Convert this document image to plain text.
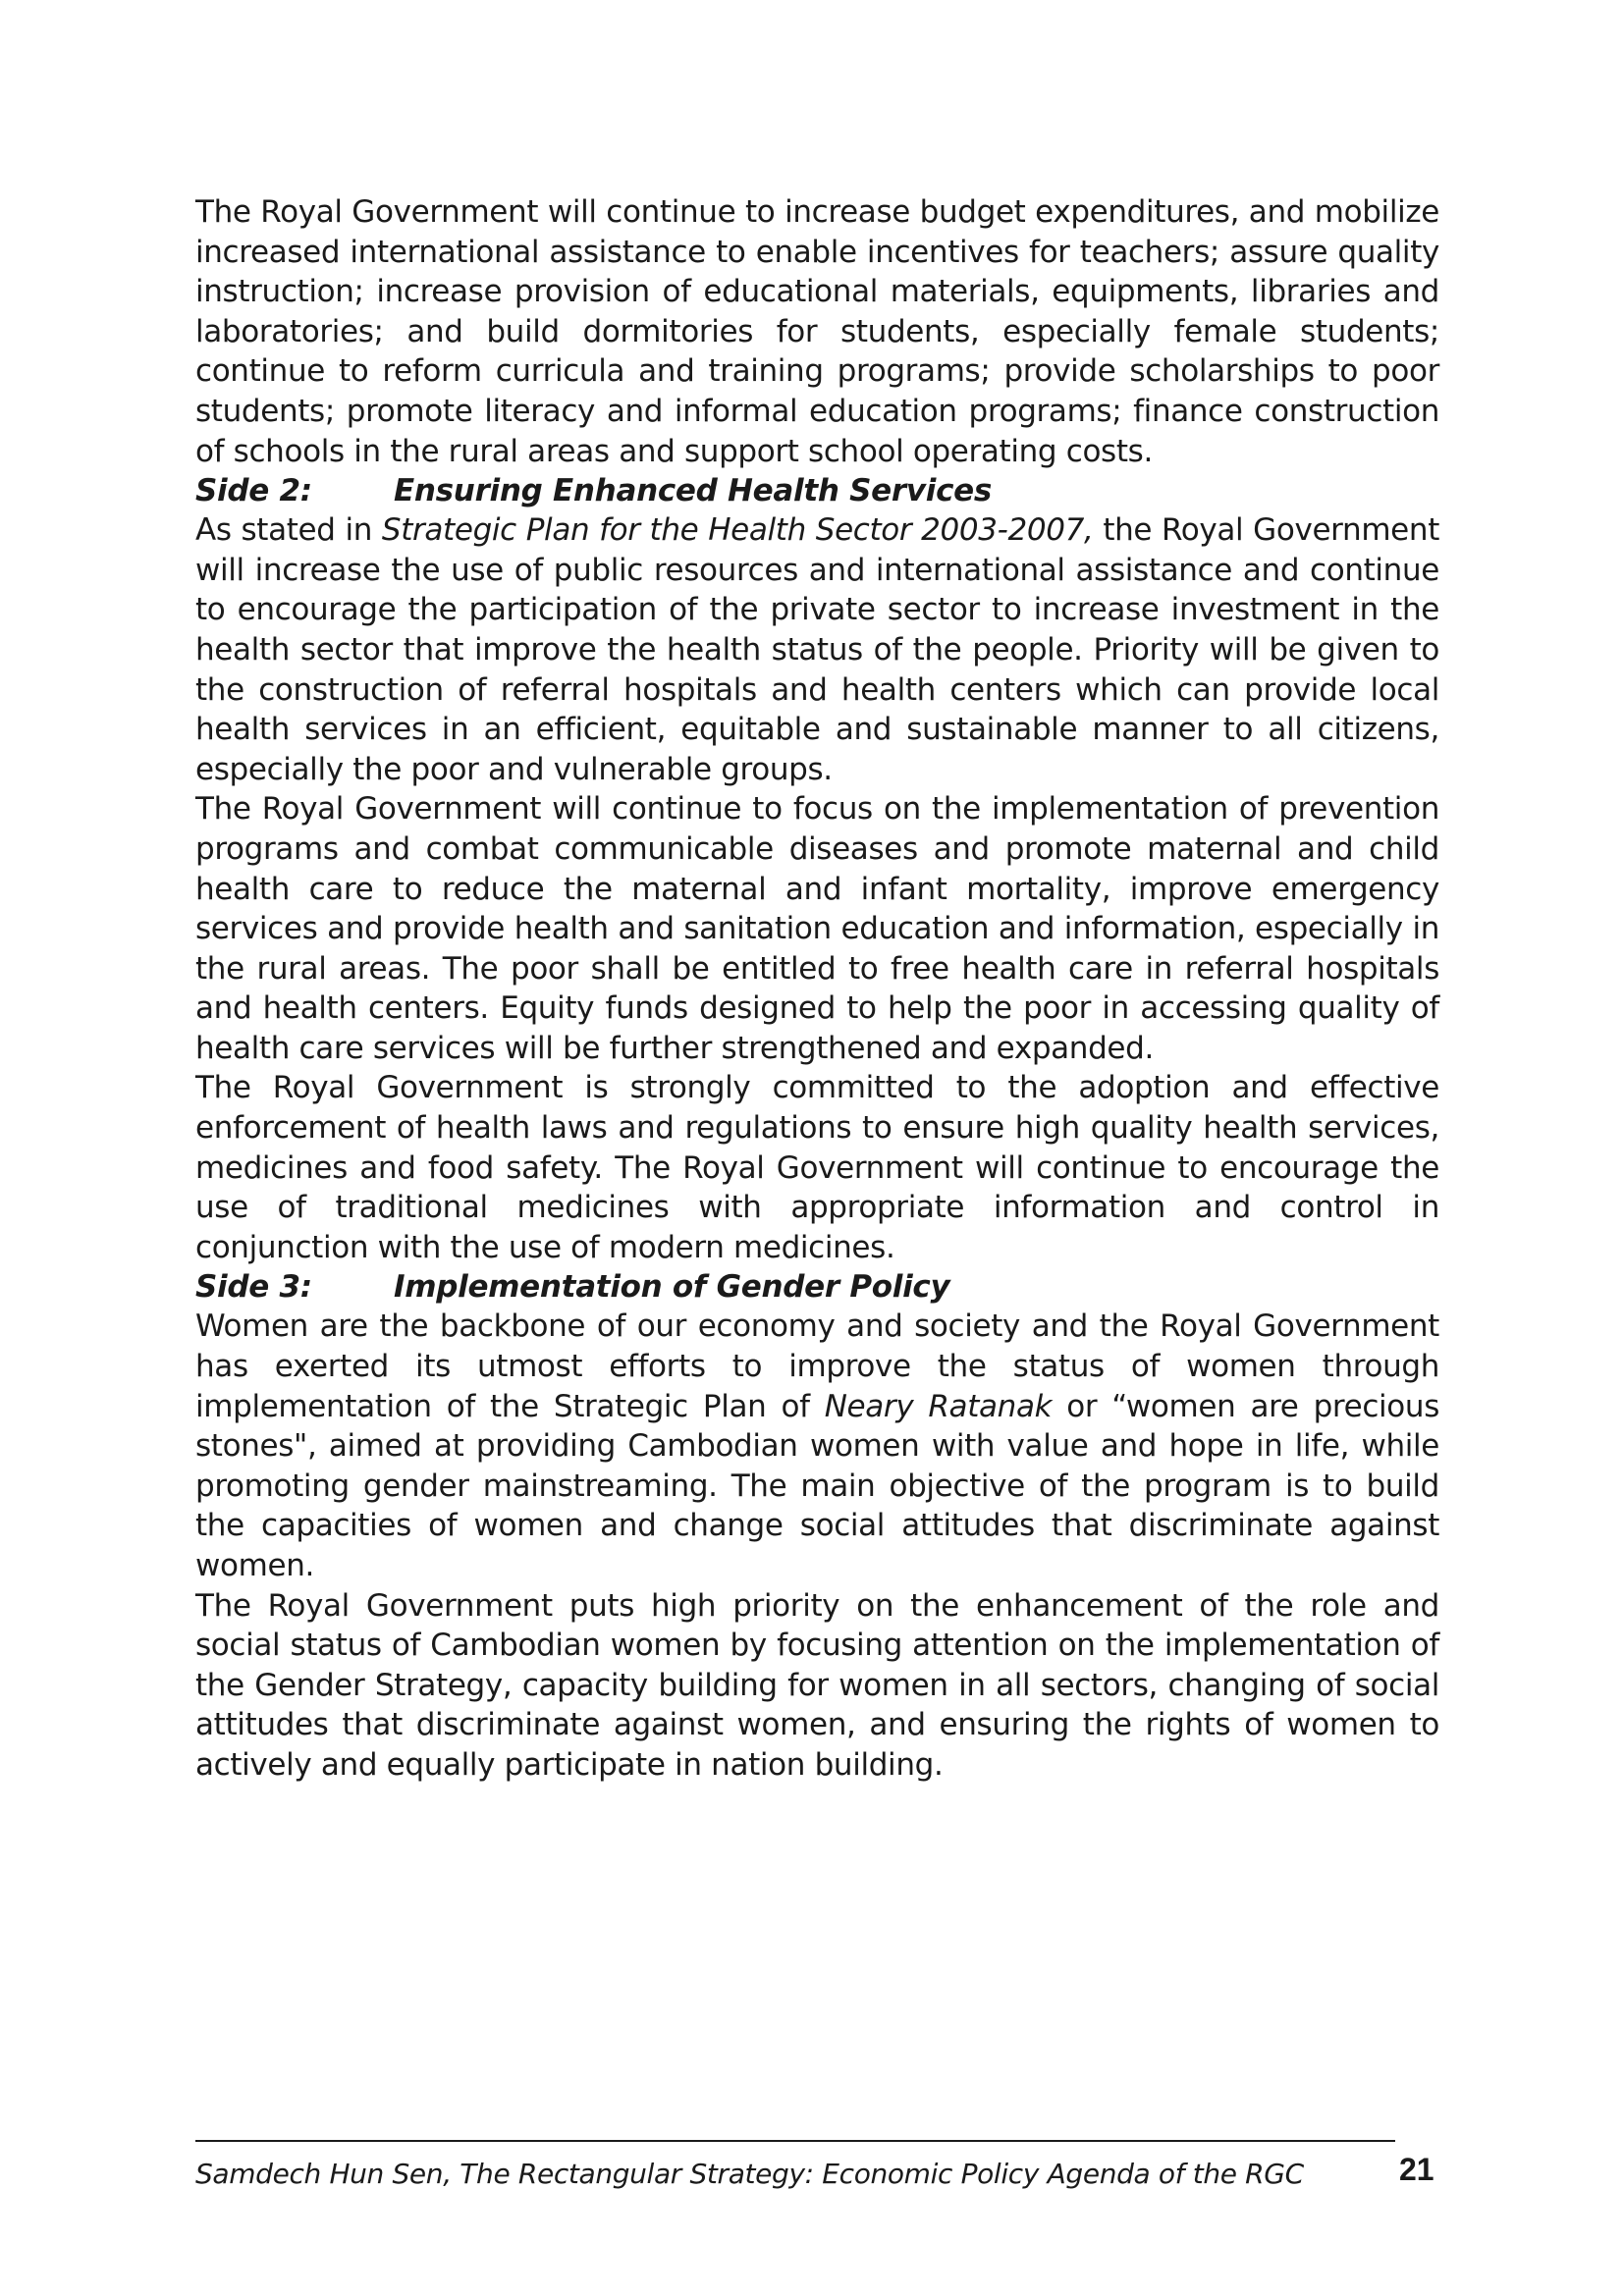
The Royal Government will continue to increase budget expenditures, and mobilize increased international assistance to enable incentives for teachers; assure quality instruction; increase provision of educational materials, equipments, libraries and laboratories; and build dormitories for students, especially female students; continue to reform curricula and training programs; provide scholarships to poor students; promote literacy and informal education programs; finance construction of schools in the rural areas and support school operating costs.

Side 2:	Ensuring Enhanced Health Services

As stated in Strategic Plan for the Health Sector 2003-2007, the Royal Government will increase the use of public resources and international assistance and continue to encourage the participation of the private sector to increase investment in the health sector that improve the health status of the people. Priority will be given to the construction of referral hospitals and health centers which can provide local health services in an efficient, equitable and sustainable manner to all citizens, especially the poor and vulnerable groups.

The Royal Government will continue to focus on the implementation of prevention programs and combat communicable diseases and promote maternal and child health care to reduce the maternal and infant mortality, improve emergency services and provide health and sanitation education and information, especially in the rural areas. The poor shall be entitled to free health care in referral hospitals and health centers. Equity funds designed to help the poor in accessing quality of health care services will be further strengthened and expanded.

The Royal Government is strongly committed to the adoption and effective enforcement of health laws and regulations to ensure high quality health services, medicines and food safety. The Royal Government will continue to encourage the use of traditional medicines with appropriate information and control in conjunction with the use of modern medicines.

Side 3:	Implementation of Gender Policy

Women are the backbone of our economy and society and the Royal Government has exerted its utmost efforts to improve the status of women through implementation of the Strategic Plan of Neary Ratanak or “women are precious stones", aimed at providing Cambodian women with value and hope in life, while promoting gender mainstreaming. The main objective of the program is to build the capacities of women and change social attitudes that discriminate against women.

The Royal Government puts high priority on the enhancement of the role and social status of Cambodian women by focusing attention on the implementation of the Gender Strategy, capacity building for women in all sectors, changing of social attitudes that discriminate against women, and ensuring the rights of women to actively and equally participate in nation building.

Samdech Hun Sen, The Rectangular Strategy: Economic Policy Agenda of the RGC	21
